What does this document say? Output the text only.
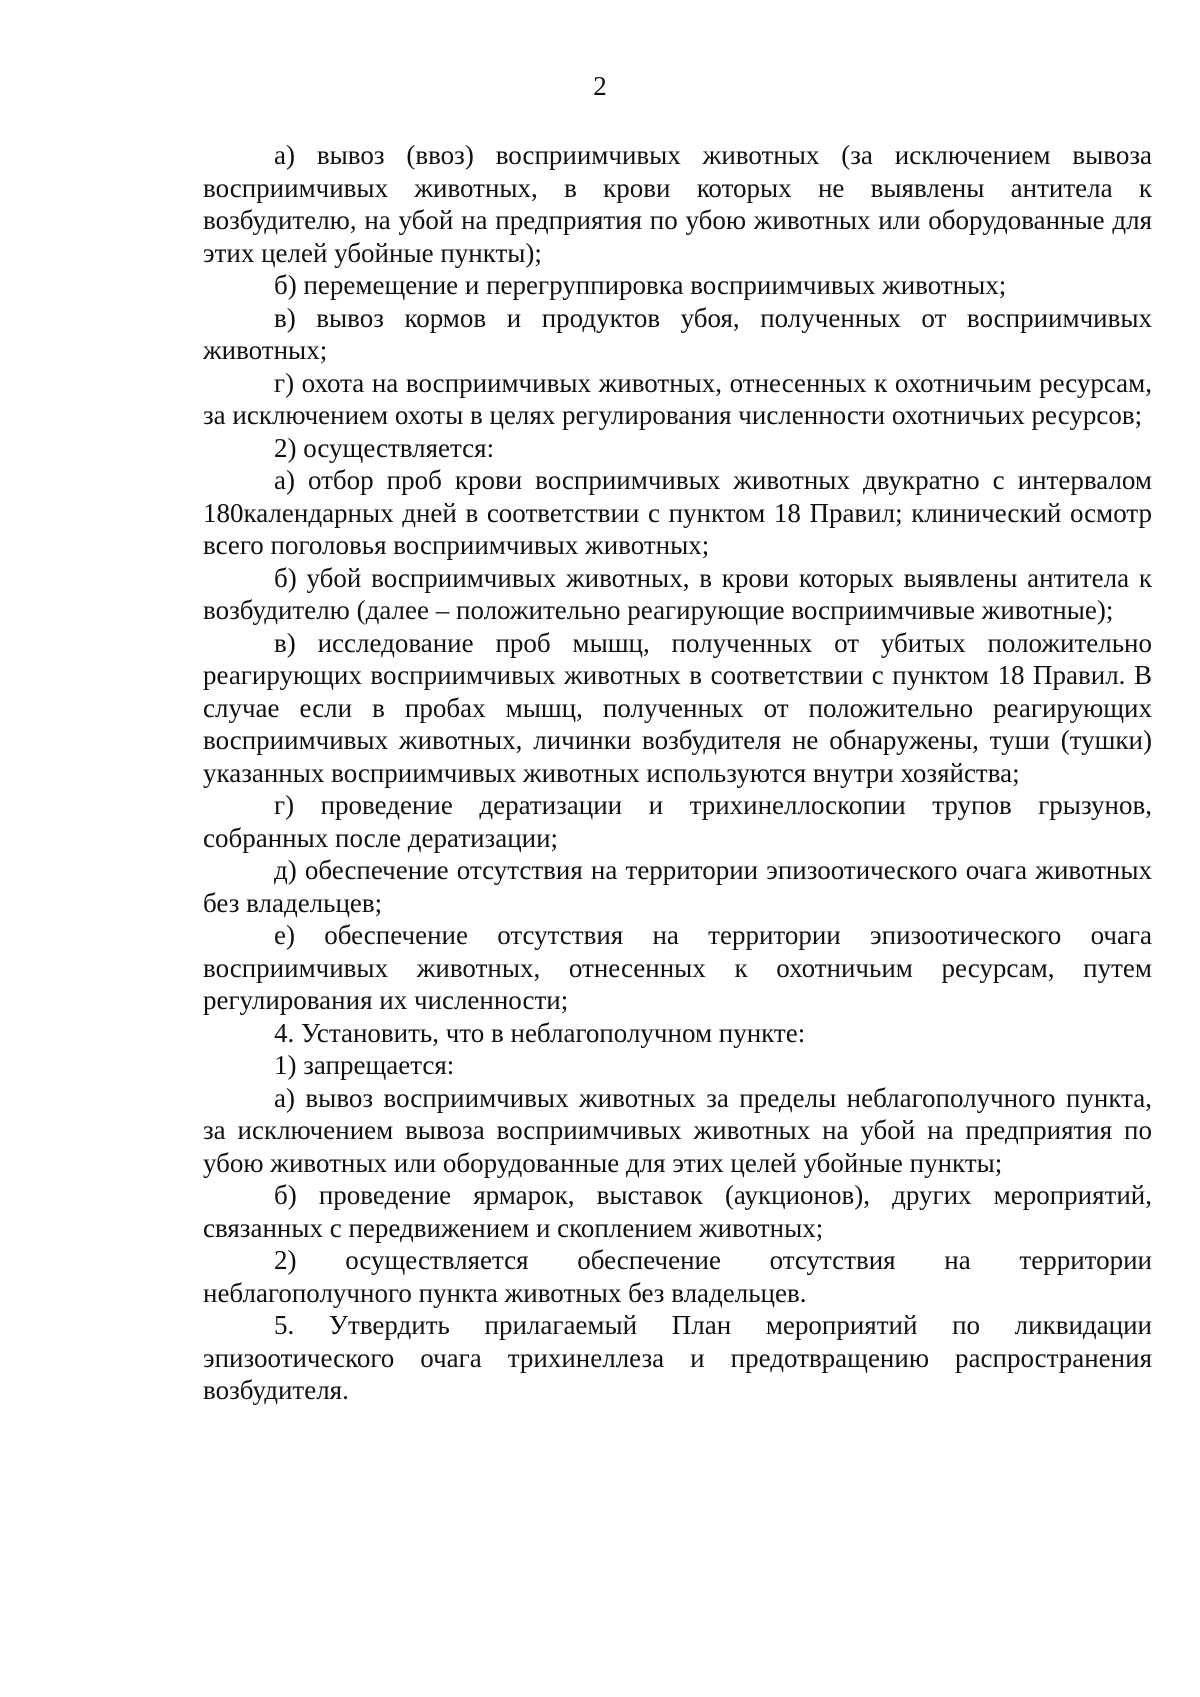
2

а) вывоз (ввоз) восприимчивых животных (за исключением вывоза восприимчивых животных, в крови которых не выявлены антитела к возбудителю, на убой на предприятия по убою животных или оборудованные для этих целей убойные пункты);

б) перемещение и перегруппировка восприимчивых животных;

в) вывоз кормов и продуктов убоя, полученных от восприимчивых животных;

г) охота на восприимчивых животных, отнесенных к охотничьим ресурсам, за исключением охоты в целях регулирования численности охотничьих ресурсов;

2) осуществляется:

а) отбор проб крови восприимчивых животных двукратно с интервалом 180календарных дней в соответствии с пунктом 18 Правил; клинический осмотр всего поголовья восприимчивых животных;

б) убой восприимчивых животных, в крови которых выявлены антитела к возбудителю (далее – положительно реагирующие восприимчивые животные);

в) исследование проб мышц, полученных от убитых положительно реагирующих восприимчивых животных в соответствии с пунктом 18 Правил. В случае если в пробах мышц, полученных от положительно реагирующих восприимчивых животных, личинки возбудителя не обнаружены, туши (тушки) указанных восприимчивых животных используются внутри хозяйства;

г) проведение дератизации и трихинеллоскопии трупов грызунов, собранных после дератизации;

д) обеспечение отсутствия на территории эпизоотического очага животных без владельцев;

е) обеспечение отсутствия на территории эпизоотического очага восприимчивых животных, отнесенных к охотничьим ресурсам, путем регулирования их численности;

4. Установить, что в неблагополучном пункте:

1) запрещается:

а) вывоз восприимчивых животных за пределы неблагополучного пункта, за исключением вывоза восприимчивых животных на убой на предприятия по убою животных или оборудованные для этих целей убойные пункты;

б) проведение ярмарок, выставок (аукционов), других мероприятий, связанных с передвижением и скоплением животных;

2) осуществляется обеспечение отсутствия на территории неблагополучного пункта животных без владельцев.

5. Утвердить прилагаемый План мероприятий по ликвидации эпизоотического очага трихинеллеза и предотвращению распространения возбудителя.
